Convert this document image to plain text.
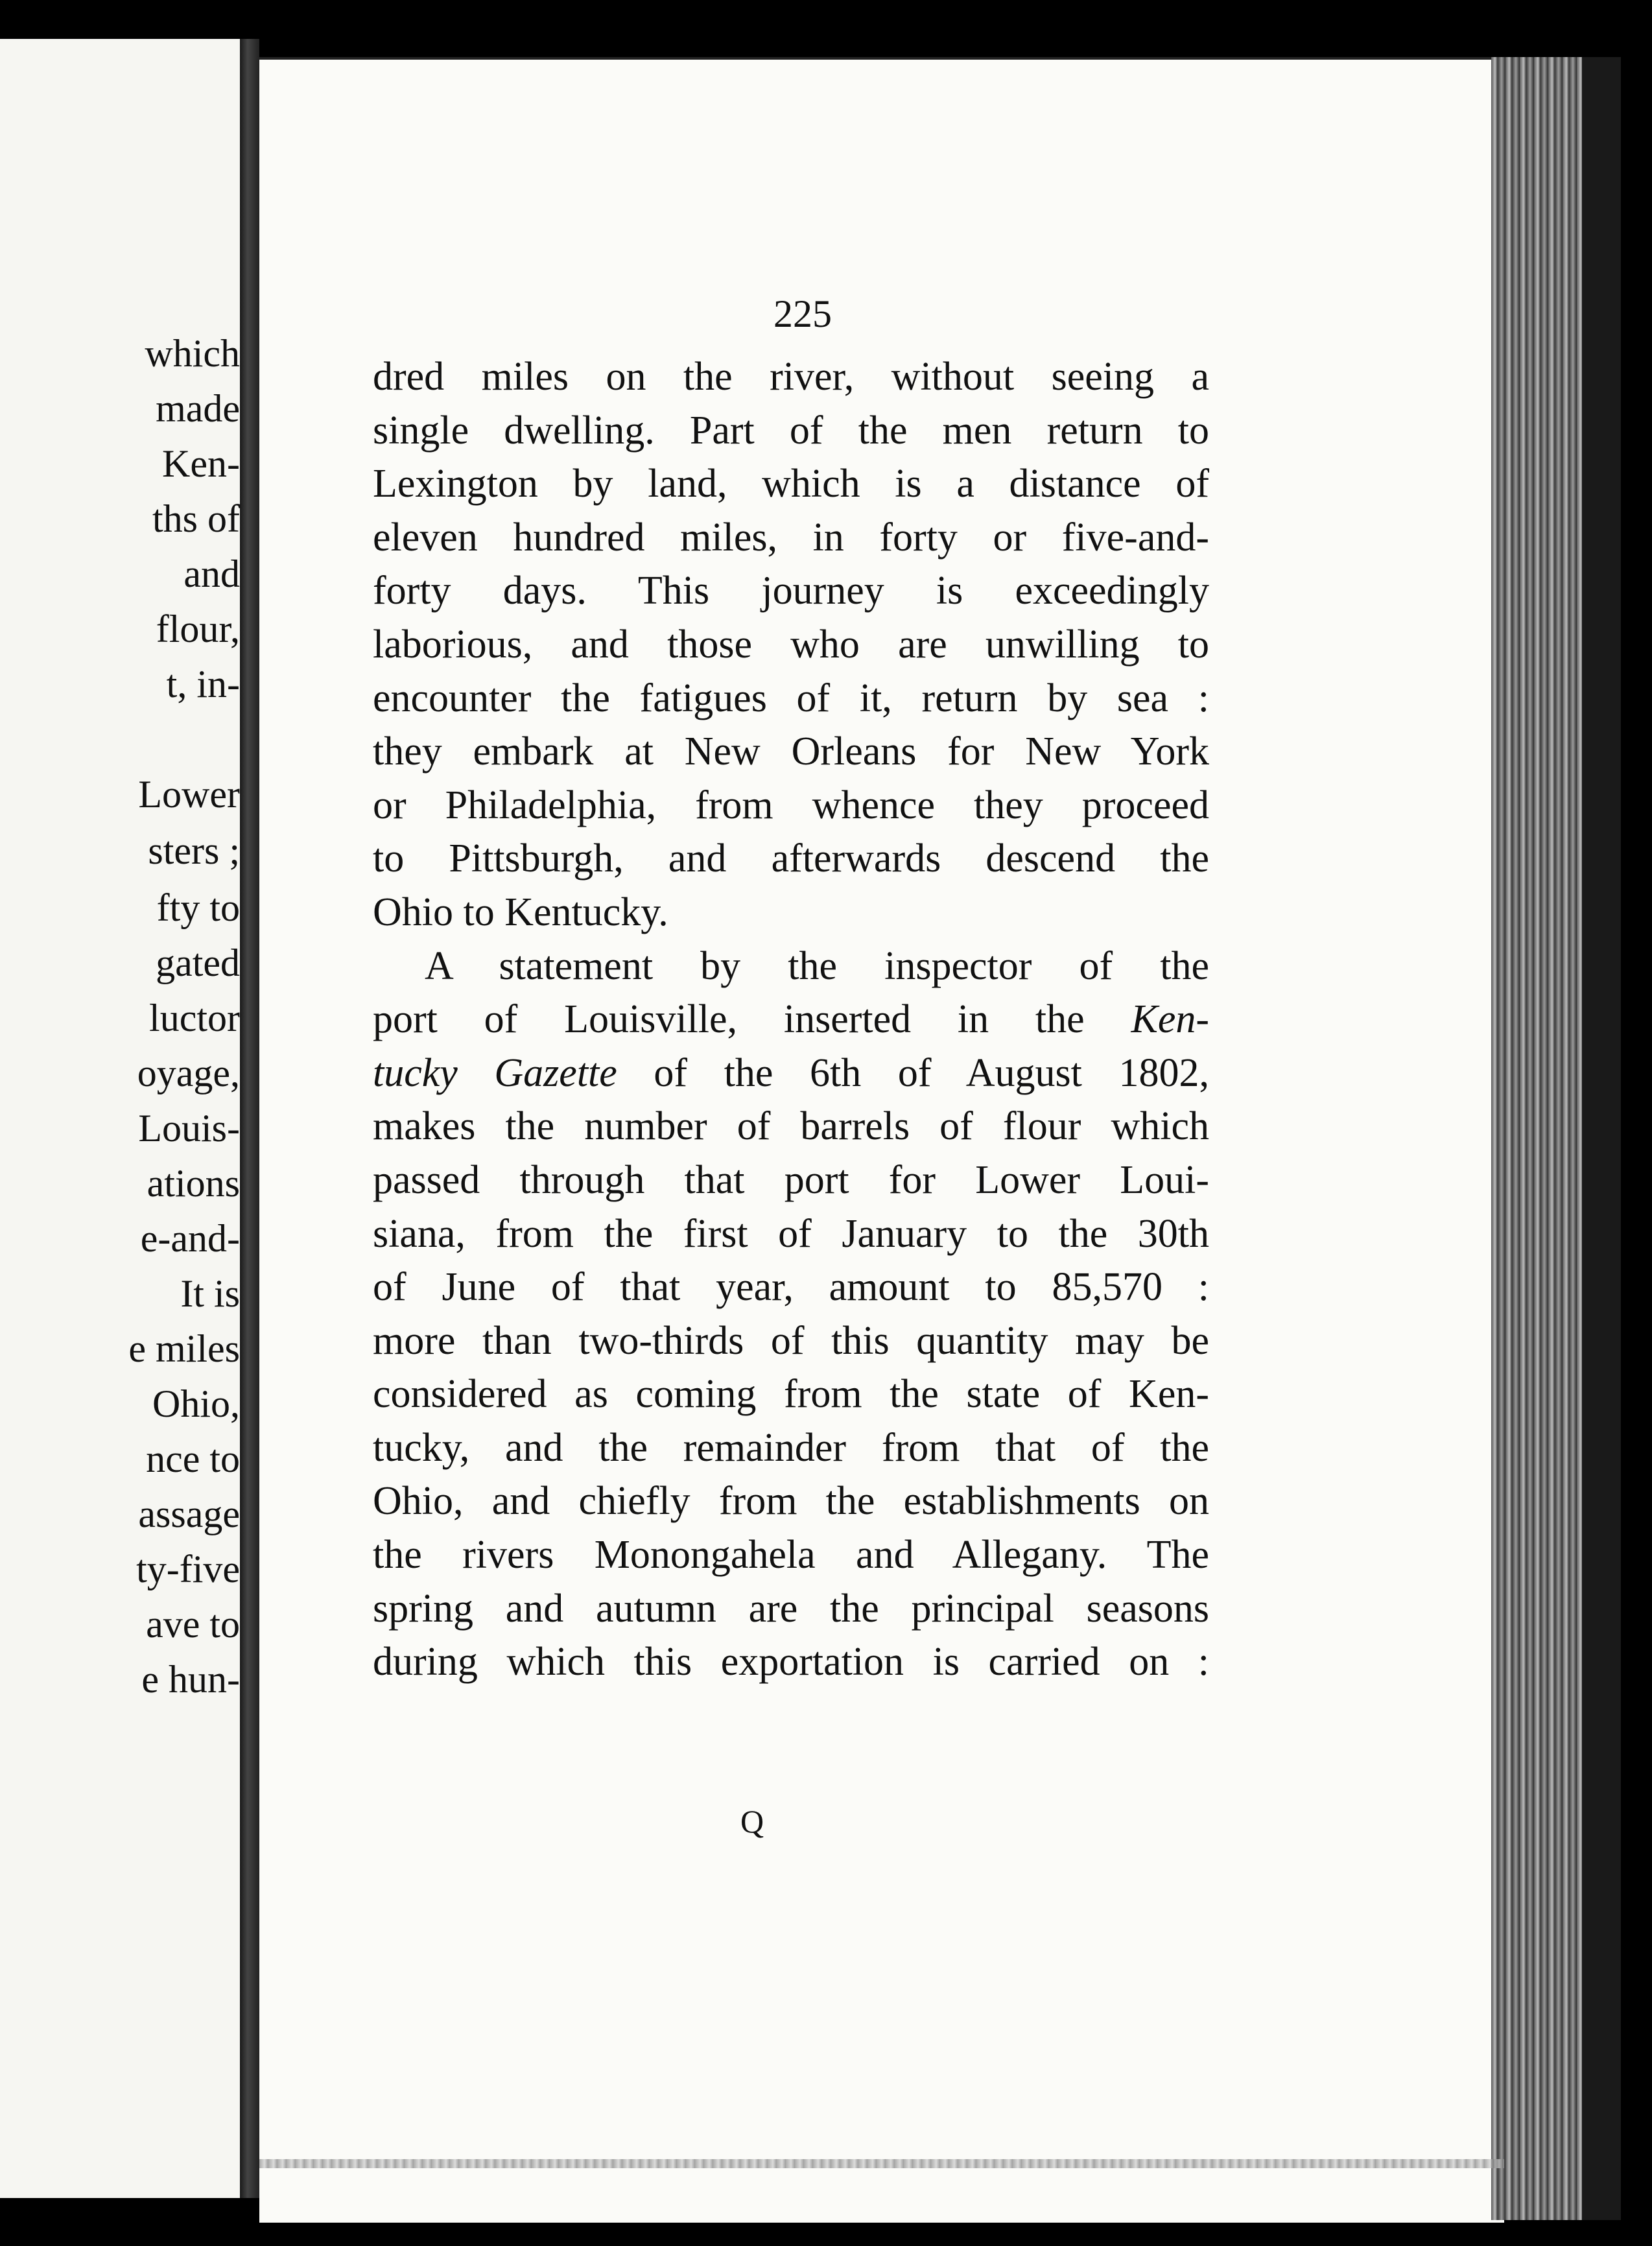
which
made
Ken-
ths of
and
flour,
t, in-
Lower
sters ;
fty to
gated
luctor
oyage,
Louis-
ations
e-and-
It is
e miles
Ohio,
nce to
assage
ty-five
ave to
e hun-
225
dred miles on the river, without seeing a
single dwelling. Part of the men return to
Lexington by land, which is a distance of
eleven hundred miles, in forty or five-and-
forty days. This journey is exceedingly
laborious, and those who are unwilling to
encounter the fatigues of it, return by sea :
they embark at New Orleans for New York
or Philadelphia, from whence they proceed
to Pittsburgh, and afterwards descend the
Ohio to Kentucky.
A statement by the inspector of the
port of Louisville, inserted in the Ken-
tucky Gazette of the 6th of August 1802,
makes the number of barrels of flour which
passed through that port for Lower Loui-
siana, from the first of January to the 30th
of June of that year, amount to 85,570 :
more than two-thirds of this quantity may be
considered as coming from the state of Ken-
tucky, and the remainder from that of the
Ohio, and chiefly from the establishments on
the rivers Monongahela and Allegany. The
spring and autumn are the principal seasons
during which this exportation is carried on :
Q
